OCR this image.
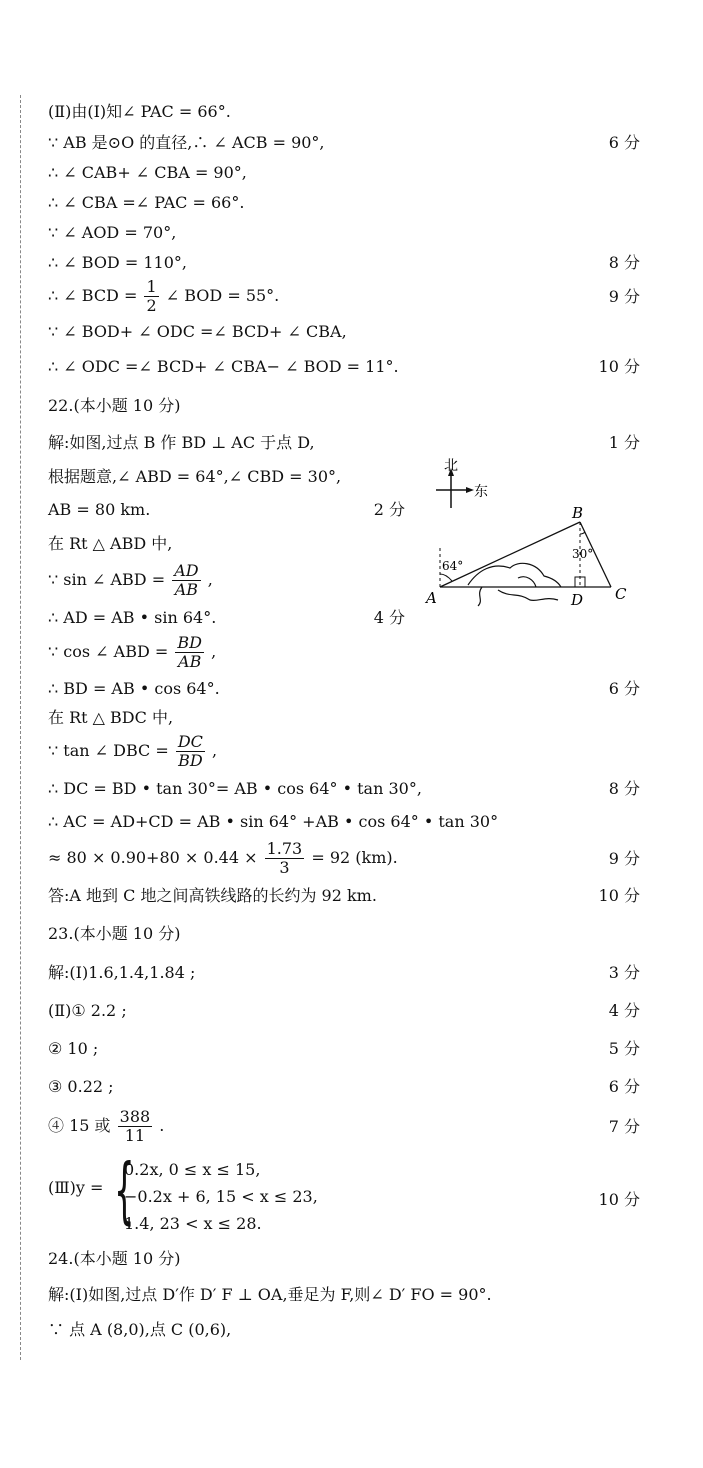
(Ⅱ)由(Ⅰ)知∠ PAC = 66°.
∵ AB 是⊙O 的直径,∴ ∠ ACB = 90°,	6 分
∴ ∠ CAB+ ∠ CBA = 90°,
∴ ∠ CBA =∠ PAC = 66°.
∵ ∠ AOD = 70°,
∴ ∠ BOD = 110°,	8 分
∴ ∠ BCD = $\frac{1}{2}$ ∠ BOD = 55°.	9 分
∵ ∠ BOD+ ∠ ODC =∠ BCD+ ∠ CBA,
∴ ∠ ODC =∠ BCD+ ∠ CBA− ∠ BOD = 11°.	10 分
22.(本小题 10 分)
解:如图,过点 B 作 BD ⊥ AC 于点 D,	1 分
根据题意,∠ ABD = 64°,∠ CBD = 30°,
AB = 80 km.	2 分
在 Rt △ ABD 中,
∵ sin ∠ ABD = $\frac{AD}{AB}$ ,
∴ AD = AB • sin 64°.	4 分
∵ cos ∠ ABD = $\frac{BD}{AB}$ ,
∴ BD = AB • cos 64°.	6 分
在 Rt △ BDC 中,
∵ tan ∠ DBC = $\frac{DC}{BD}$ ,
∴ DC = BD • tan 30°= AB • cos 64° • tan 30°,	8 分
∴ AC = AD+CD = AB • sin 64° +AB • cos 64° • tan 30°
≈ $80 \times 0.90+80 \times 0.44 \times \frac{1.73}{3} = 92$ (km).	9 分
答:A 地到 C 地之间高铁线路的长约为 92 km.	10 分
北
东
64°
30°
A
B
C
D
23.(本小题 10 分)
解:(Ⅰ)1.6,1.4,1.84 ;	3 分
(Ⅱ)① 2.2 ;	4 分
② 10 ;	5 分
③ 0.22 ;	6 分
④ 15 或 $\frac{388}{11}$ .	7 分
(Ⅲ)y = {
0.2x, 0 ≤ x ≤ 15,
−0.2x + 6, 15 < x ≤ 23,
1.4, 23 < x ≤ 28.
10 分
24.(本小题 10 分)
解:(Ⅰ)如图,过点 D′作 D′ F ⊥ OA,垂足为 F,则∠ D′ FO = 90°.
∵ 点 A (8,0),点 C (0,6),
